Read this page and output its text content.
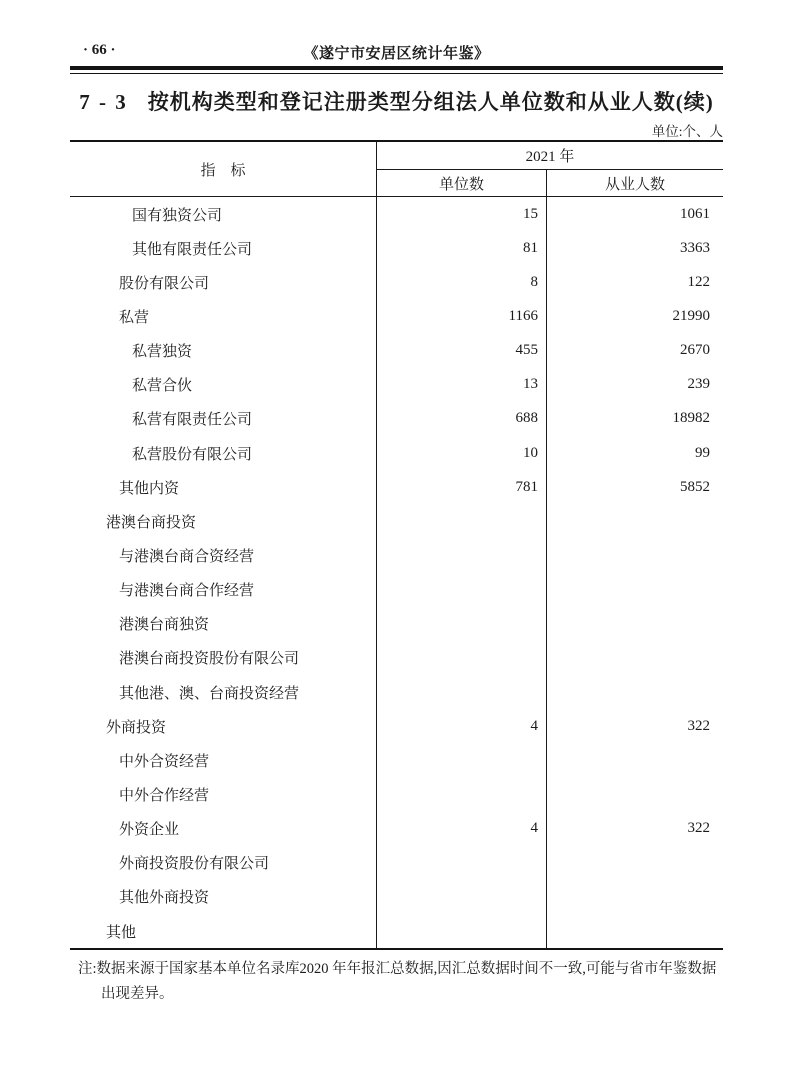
· 66 ·	《遂宁市安居区统计年鉴》
7 - 3 按机构类型和登记注册类型分组法人单位数和从业人数(续)
单位:个、人
指　标
2021 年
单位数	从业人数
国有独资公司	15	1061
其他有限责任公司	81	3363
股份有限公司	8	122
私营	1166	21990
私营独资	455	2670
私营合伙	13	239
私营有限责任公司	688	18982
私营股份有限公司	10	99
其他内资	781	5852
港澳台商投资
与港澳台商合资经营
与港澳台商合作经营
港澳台商独资
港澳台商投资股份有限公司
其他港、澳、台商投资经营
外商投资	4	322
中外合资经营
中外合作经营
外资企业	4	322
外商投资股份有限公司
其他外商投资
其他
注:数据来源于国家基本单位名录库2020 年年报汇总数据,因汇总数据时间不一致,可能与省市年鉴数据
出现差异。
